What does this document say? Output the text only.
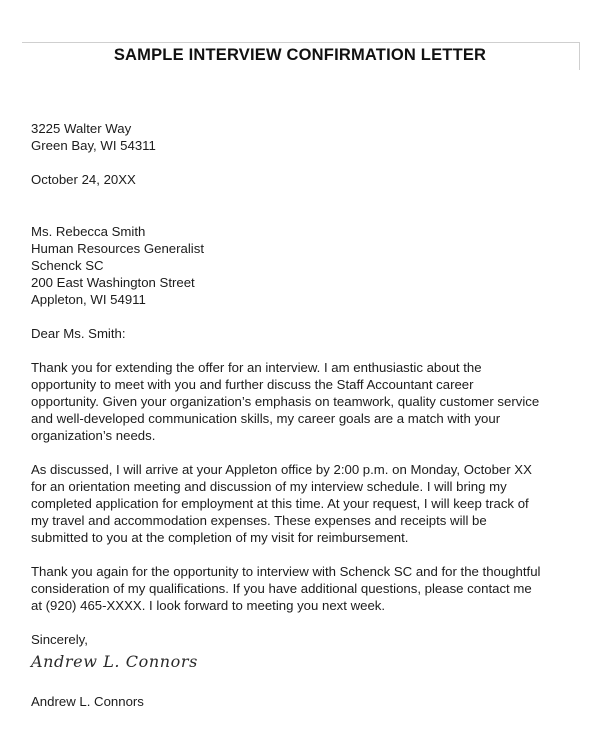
SAMPLE INTERVIEW CONFIRMATION LETTER
3225 Walter Way
Green Bay, WI 54311
October 24, 20XX
Ms. Rebecca Smith
Human Resources Generalist
Schenck SC
200 East Washington Street
Appleton, WI 54911
Dear Ms. Smith:
Thank you for extending the offer for an interview. I am enthusiastic about the
opportunity to meet with you and further discuss the Staff Accountant career
opportunity. Given your organization’s emphasis on teamwork, quality customer service
and well-developed communication skills, my career goals are a match with your
organization’s needs.
As discussed, I will arrive at your Appleton office by 2:00 p.m. on Monday, October XX
for an orientation meeting and discussion of my interview schedule. I will bring my
completed application for employment at this time. At your request, I will keep track of
my travel and accommodation expenses. These expenses and receipts will be
submitted to you at the completion of my visit for reimbursement.
Thank you again for the opportunity to interview with Schenck SC and for the thoughtful
consideration of my qualifications. If you have additional questions, please contact me
at (920) 465-XXXX. I look forward to meeting you next week.
Sincerely,
Andrew L. Connors
Andrew L. Connors
